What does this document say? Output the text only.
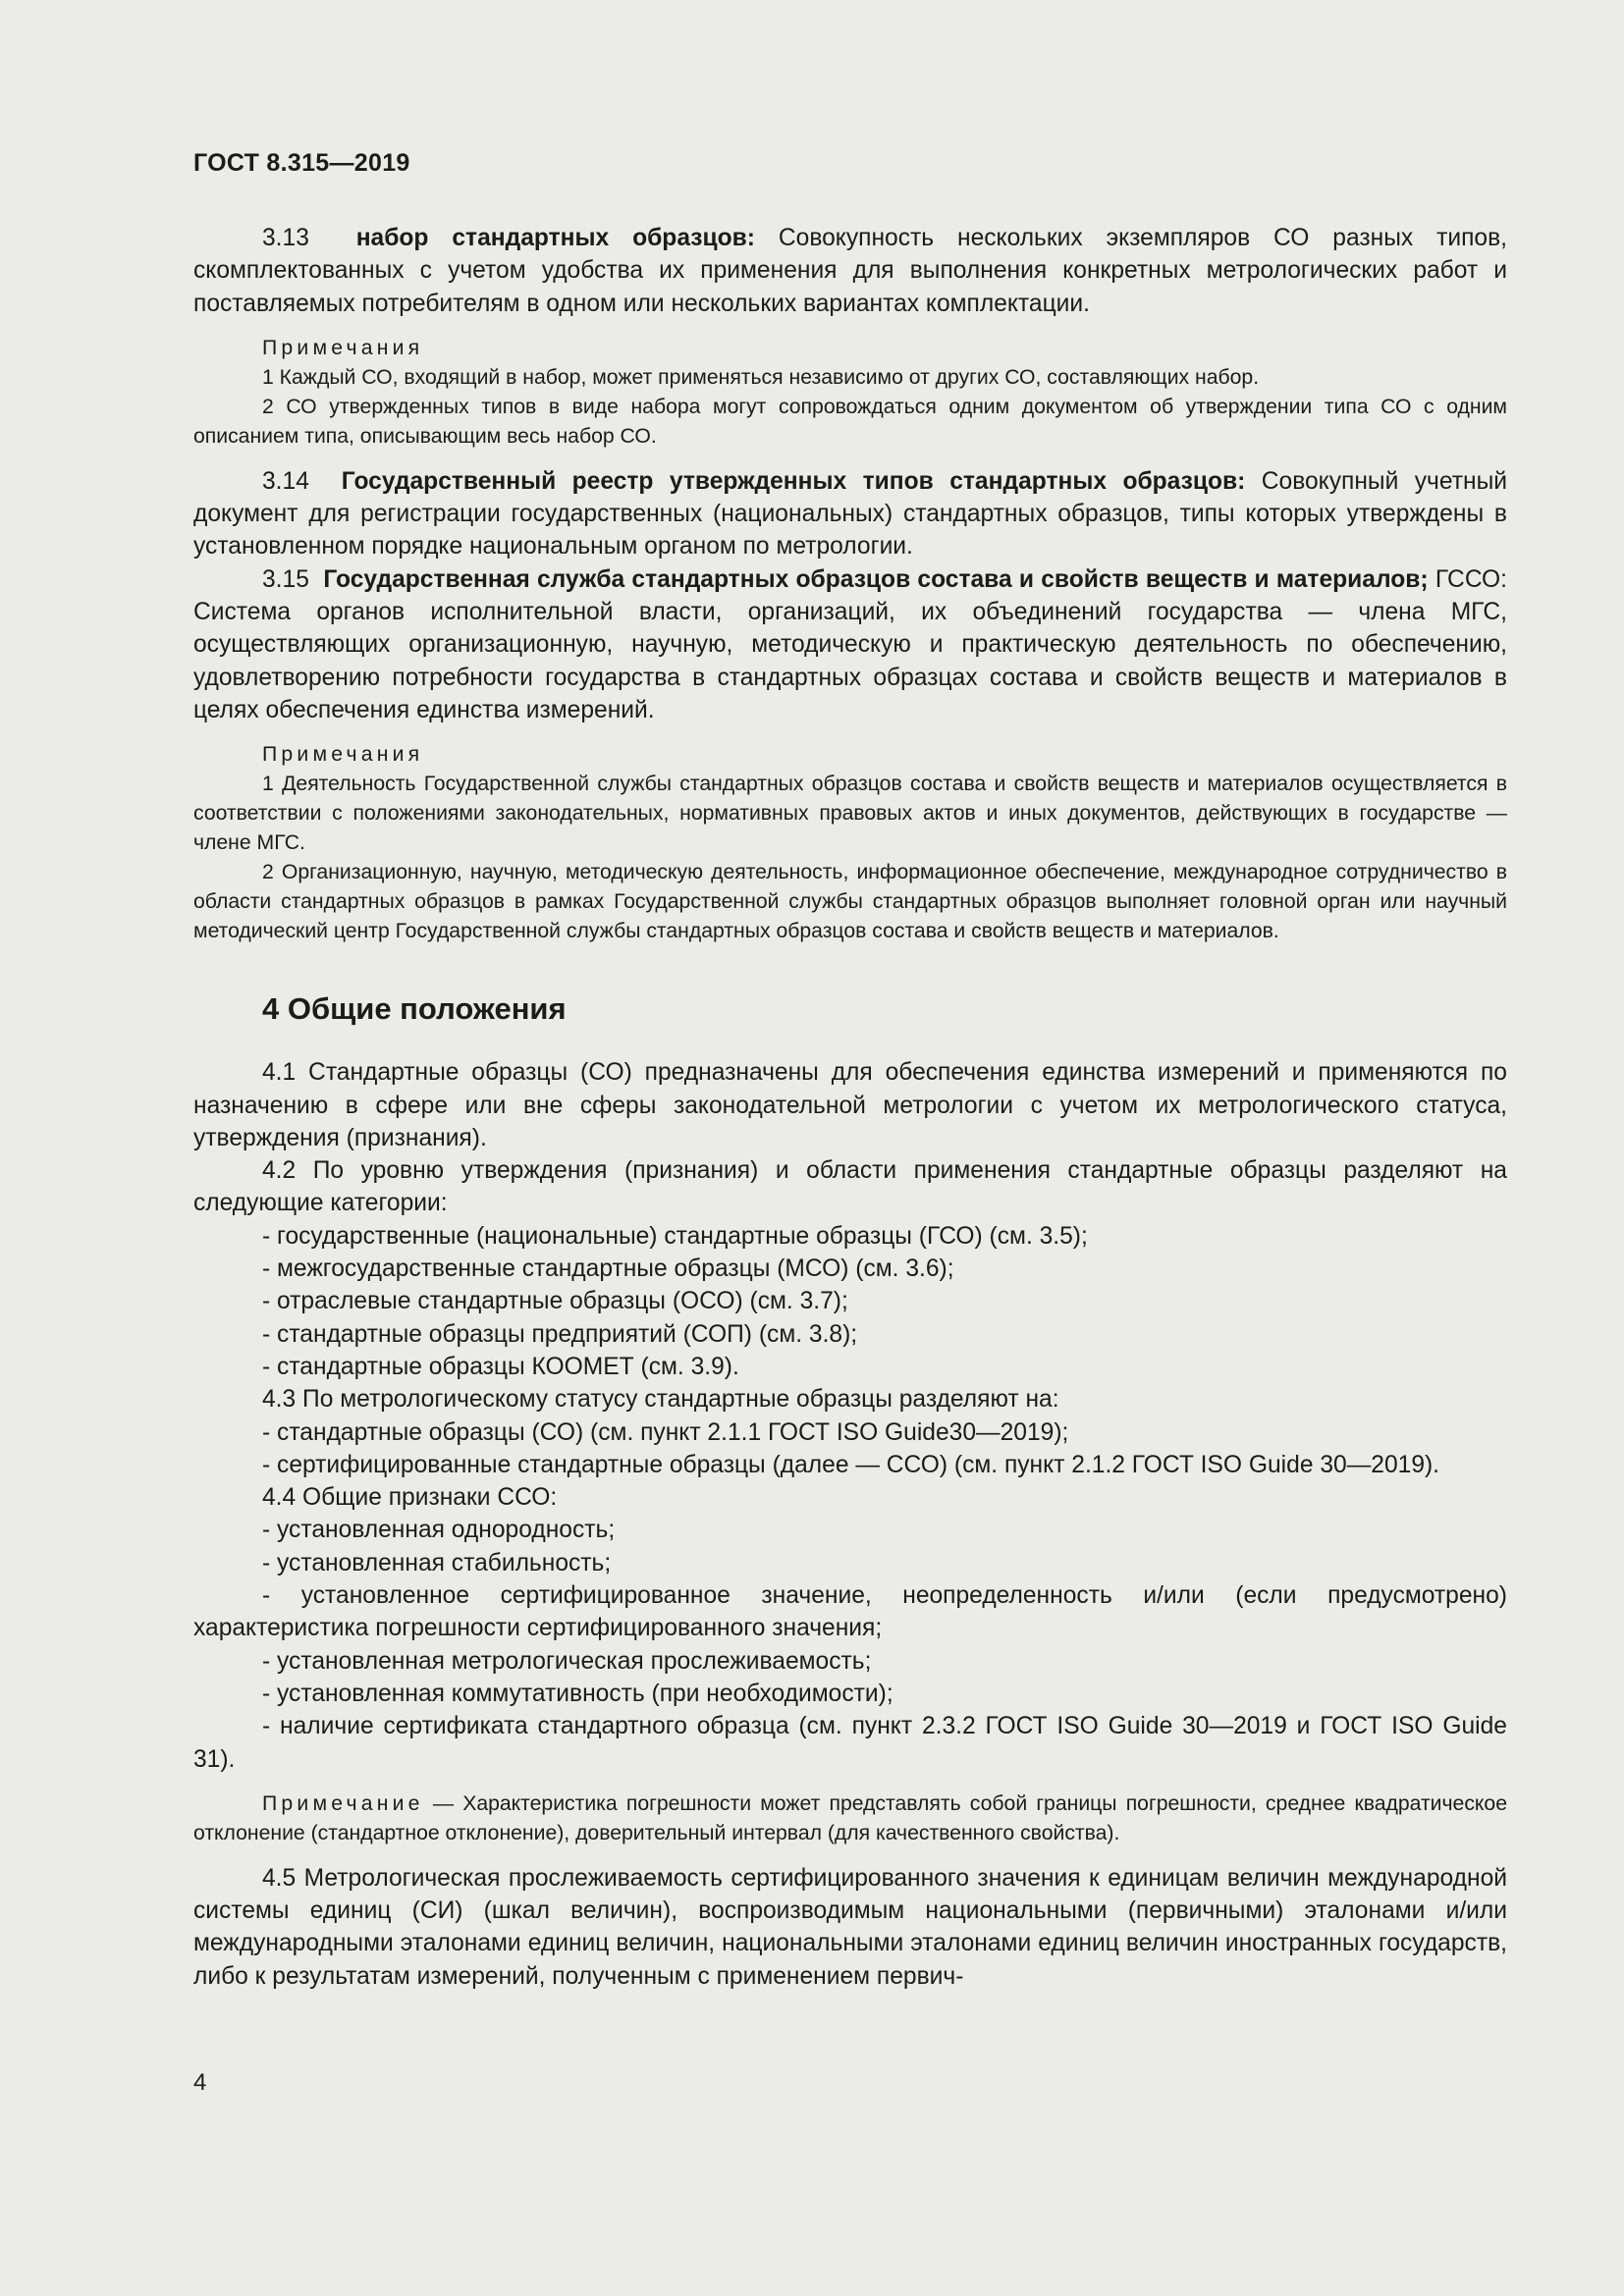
ГОСТ 8.315—2019

3.13 набор стандартных образцов: Совокупность нескольких экземпляров СО разных типов, скомплектованных с учетом удобства их применения для выполнения конкретных метрологических работ и поставляемых потребителям в одном или нескольких вариантах комплектации.

Примечания

1 Каждый СО, входящий в набор, может применяться независимо от других СО, составляющих набор.

2 СО утвержденных типов в виде набора могут сопровождаться одним документом об утверждении типа СО с одним описанием типа, описывающим весь набор СО.

3.14 Государственный реестр утвержденных типов стандартных образцов: Совокупный учетный документ для регистрации государственных (национальных) стандартных образцов, типы которых утверждены в установленном порядке национальным органом по метрологии.

3.15 Государственная служба стандартных образцов состава и свойств веществ и материалов; ГССО: Система органов исполнительной власти, организаций, их объединений государства — члена МГС, осуществляющих организационную, научную, методическую и практическую деятельность по обеспечению, удовлетворению потребности государства в стандартных образцах состава и свойств веществ и материалов в целях обеспечения единства измерений.

Примечания

1 Деятельность Государственной службы стандартных образцов состава и свойств веществ и материалов осуществляется в соответствии с положениями законодательных, нормативных правовых актов и иных документов, действующих в государстве — члене МГС.

2 Организационную, научную, методическую деятельность, информационное обеспечение, международное сотрудничество в области стандартных образцов в рамках Государственной службы стандартных образцов выполняет головной орган или научный методический центр Государственной службы стандартных образцов состава и свойств веществ и материалов.

4 Общие положения

4.1 Стандартные образцы (СО) предназначены для обеспечения единства измерений и применяются по назначению в сфере или вне сферы законодательной метрологии с учетом их метрологического статуса, утверждения (признания).

4.2 По уровню утверждения (признания) и области применения стандартные образцы разделяют на следующие категории:

- государственные (национальные) стандартные образцы (ГСО) (см. 3.5);

- межгосударственные стандартные образцы (МСО) (см. 3.6);

- отраслевые стандартные образцы (ОСО) (см. 3.7);

- стандартные образцы предприятий (СОП) (см. 3.8);

- стандартные образцы КООМЕТ (см. 3.9).

4.3 По метрологическому статусу стандартные образцы разделяют на:

- стандартные образцы (СО) (см. пункт 2.1.1 ГОСТ ISO Guide30—2019);

- сертифицированные стандартные образцы (далее — ССО) (см. пункт 2.1.2 ГОСТ ISO Guide 30—2019).

4.4 Общие признаки ССО:

- установленная однородность;

- установленная стабильность;

- установленное сертифицированное значение, неопределенность и/или (если предусмотрено) характеристика погрешности сертифицированного значения;

- установленная метрологическая прослеживаемость;

- установленная коммутативность (при необходимости);

- наличие сертификата стандартного образца (см. пункт 2.3.2 ГОСТ ISO Guide 30—2019 и ГОСТ ISO Guide 31).

Примечание — Характеристика погрешности может представлять собой границы погрешности, среднее квадратическое отклонение (стандартное отклонение), доверительный интервал (для качественного свойства).

4.5 Метрологическая прослеживаемость сертифицированного значения к единицам величин международной системы единиц (СИ) (шкал величин), воспроизводимым национальными (первичными) эталонами и/или международными эталонами единиц величин, национальными эталонами единиц величин иностранных государств, либо к результатам измерений, полученным с применением первич-

4
